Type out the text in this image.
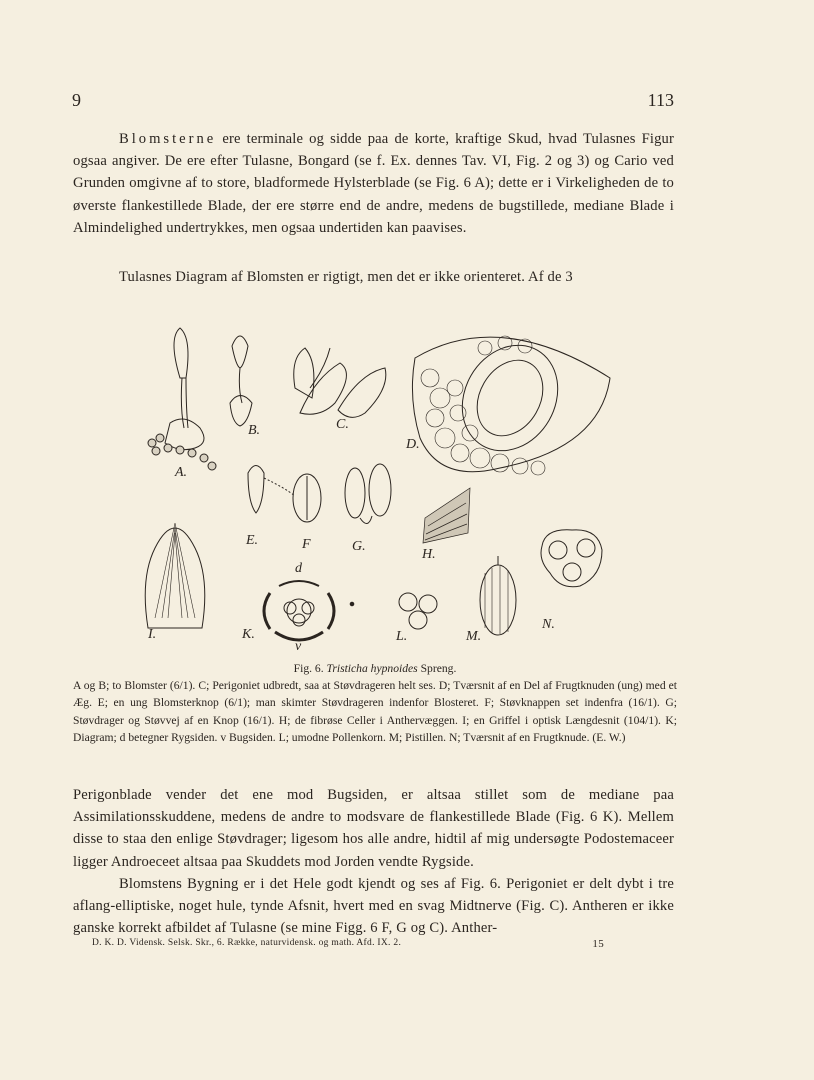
9	113

Blomsterne ere terminale og sidde paa de korte, kraftige Skud, hvad Tulasnes Figur ogsaa angiver. De ere efter Tulasne, Bongard (se f. Ex. dennes Tav. VI, Fig. 2 og 3) og Cario ved Grunden omgivne af to store, bladformede Hylsterblade (se Fig. 6 A); dette er i Virkeligheden de to øverste flankestillede Blade, der ere større end de andre, medens de bugstillede, mediane Blade i Almindelighed undertrykkes, men ogsaa undertiden kan paavises.

Tulasnes Diagram af Blomsten er rigtigt, men det er ikke orienteret. Af de 3

A.
B.	C.
D.
E.	F	G.
H.
I.	K.	L.	M.
N.
d
v
Fig. 6. Tristicha hypnoides Spreng.
A og B; to Blomster (6/1). C; Perigoniet udbredt, saa at Støvdrageren helt ses. D; Tværsnit af en Del af Frugtknuden (ung) med et Æg. E; en ung Blomsterknop (6/1); man skimter Støvdrageren indenfor Blosteret. F; Støvknappen set indenfra (16/1). G; Støvdrager og Støvvej af en Knop (16/1). H; de fibrøse Celler i Anthervæggen. I; en Griffel i optisk Længdesnit (104/1). K; Diagram; d betegner Rygsiden. v Bugsiden. L; umodne Pollenkorn. M; Pistillen. N; Tværsnit af en Frugtknude. (E. W.)

Perigonblade vender det ene mod Bugsiden, er altsaa stillet som de mediane paa Assimilationsskuddene, medens de andre to modsvare de flankestillede Blade (Fig. 6 K). Mellem disse to staa den enlige Støvdrager; ligesom hos alle andre, hidtil af mig undersøgte Podostemaceer ligger Androeceet altsaa paa Skuddets mod Jorden vendte Rygside.

Blomstens Bygning er i det Hele godt kjendt og ses af Fig. 6. Perigoniet er delt dybt i tre aflang-elliptiske, noget hule, tynde Afsnit, hvert med en svag Midtnerve (Fig. C). Antheren er ikke ganske korrekt afbildet af Tulasne (se mine Figg. 6 F, G og C). Anther-

D. K. D. Vidensk. Selsk. Skr., 6. Række, naturvidensk. og math. Afd. IX. 2.	15
